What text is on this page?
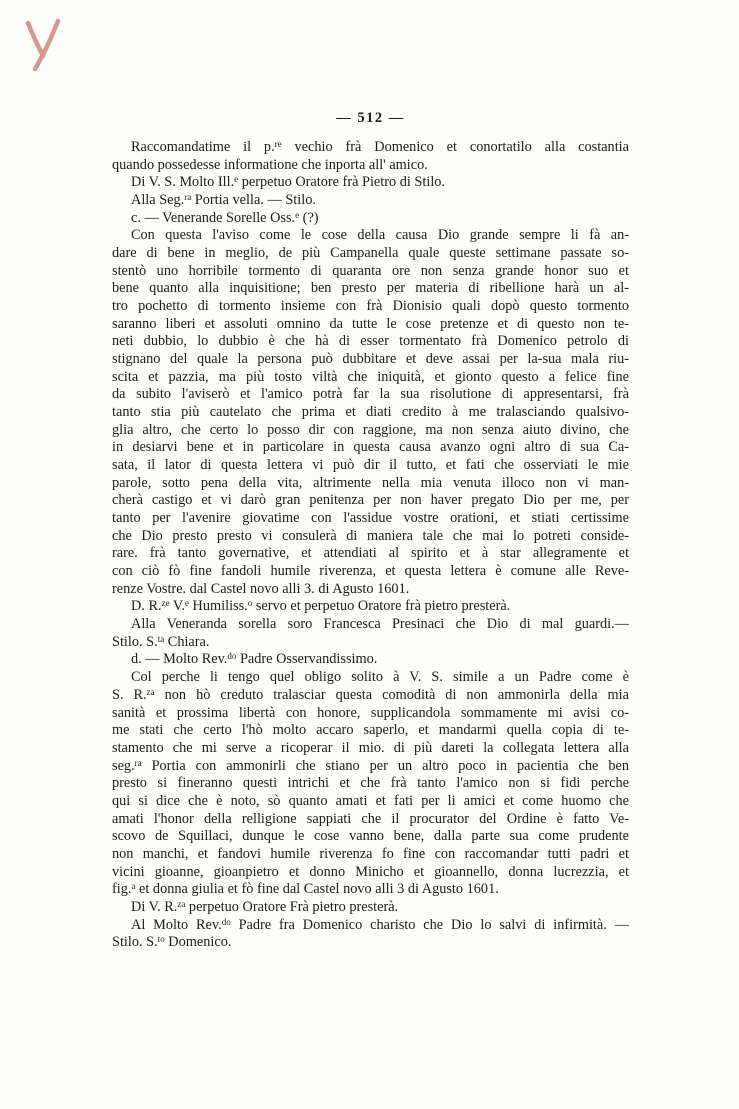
— 512 —
Raccomandatime il p.$^{re}$ vechio frà Domenico et conortatilo alla costantia
quando possedesse informatione che inporta all' amico.
Di V. S. Molto Ill.$^e$ perpetuo Oratore frà Pietro di Stilo.
Alla Seg.$^{ra}$ Portia vella. — Stilo.
c. — Venerande Sorelle Oss.$^e$ (?)
Con questa l'aviso come le cose della causa Dio grande sempre li fà an-
dare di bene in meglio, de più Campanella quale queste settimane passate so-
stentò uno horribile tormento di quaranta ore non senza grande honor suo et
bene quanto alla inquisitione; ben presto per materia di ribellione harà un al-
tro pochetto di tormento insieme con frà Dionisio quali dopò questo tormento
saranno liberi et assoluti omnino da tutte le cose pretenze et di questo non te-
neti dubbio, lo dubbio è che hà di esser tormentato frà Domenico petrolo di
stignano del quale la persona può dubbitare et deve assai per la-sua mala riu-
scita et pazzia, ma più tosto viltà che iniquità, et gionto questo a felice fine
da subito l'aviserò et l'amico potrà far la sua risolutione di appresentarsi, frà
tanto stia più cautelato che prima et diati credito à me tralasciando qualsivo-
glia altro, che certo lo posso dir con raggione, ma non senza aiuto divino, che
in desiarvi bene et in particolare in questa causa avanzo ogni altro di sua Ca-
sata, il lator di questa lettera vi può dir il tutto, et fati che osserviati le mie
parole, sotto pena della vita, altrimente nella mia venuta illoco non vi man-
cherà castigo et vi darò gran penitenza per non haver pregato Dio per me, per
tanto per l'avenire giovatime con l'assidue vostre orationi, et stiati certissime
che Dio presto presto vi consulerà di maniera tale che mai lo potreti conside-
rare. frà tanto governative, et attendiati al spirito et à star allegramente et
con ciò fò fine fandoli humile riverenza, et questa lettera è comune alle Reve-
renze Vostre. dal Castel novo alli 3. di Agusto 1601.
D. R.$^{ze}$ V.$^e$ Humiliss.$^o$ servo et perpetuo Oratore frà pietro presterà.
Alla Veneranda sorella soro Francesca Presinaci che Dio di mal guardi.—
Stilo. S.$^{ta}$ Chiara.
d. — Molto Rev.$^{do}$ Padre Osservandissimo.
Col perche li tengo quel obligo solito à V. S. simile a un Padre come è
S. R.$^{za}$ non hò creduto tralasciar questa comodità di non ammonirla della mia
sanità et prossima libertà con honore, supplicandola sommamente mi avisi co-
me stati che certo l'hò molto accaro saperlo, et mandarmi quella copia di te-
stamento che mi serve a ricoperar il mio. di più dareti la collegata lettera alla
seg.$^{ra}$ Portia con ammonirli che stiano per un altro poco in pacientia che ben
presto si fineranno questi intrichi et che frà tanto l'amico non si fidi perche
qui si dice che è noto, sò quanto amati et fati per li amici et come huomo che
amati l'honor della relligione sappiati che il procurator del Ordine è fatto Ve-
scovo de Squillaci, dunque le cose vanno bene, dalla parte sua come prudente
non manchi, et fandovi humile riverenza fo fine con raccomandar tutti padri et
vicini gioanne, gioanpietro et donno Minicho et gioannello, donna lucrezzia, et
fig.$^a$ et donna giulia et fò fine dal Castel novo alli 3 di Agusto 1601.
Di V. R.$^{za}$ perpetuo Oratore Frà pietro presterà.
Al Molto Rev.$^{do}$ Padre fra Domenico charisto che Dio lo salvi di infirmità. —
Stilo. S.$^{to}$ Domenico.
